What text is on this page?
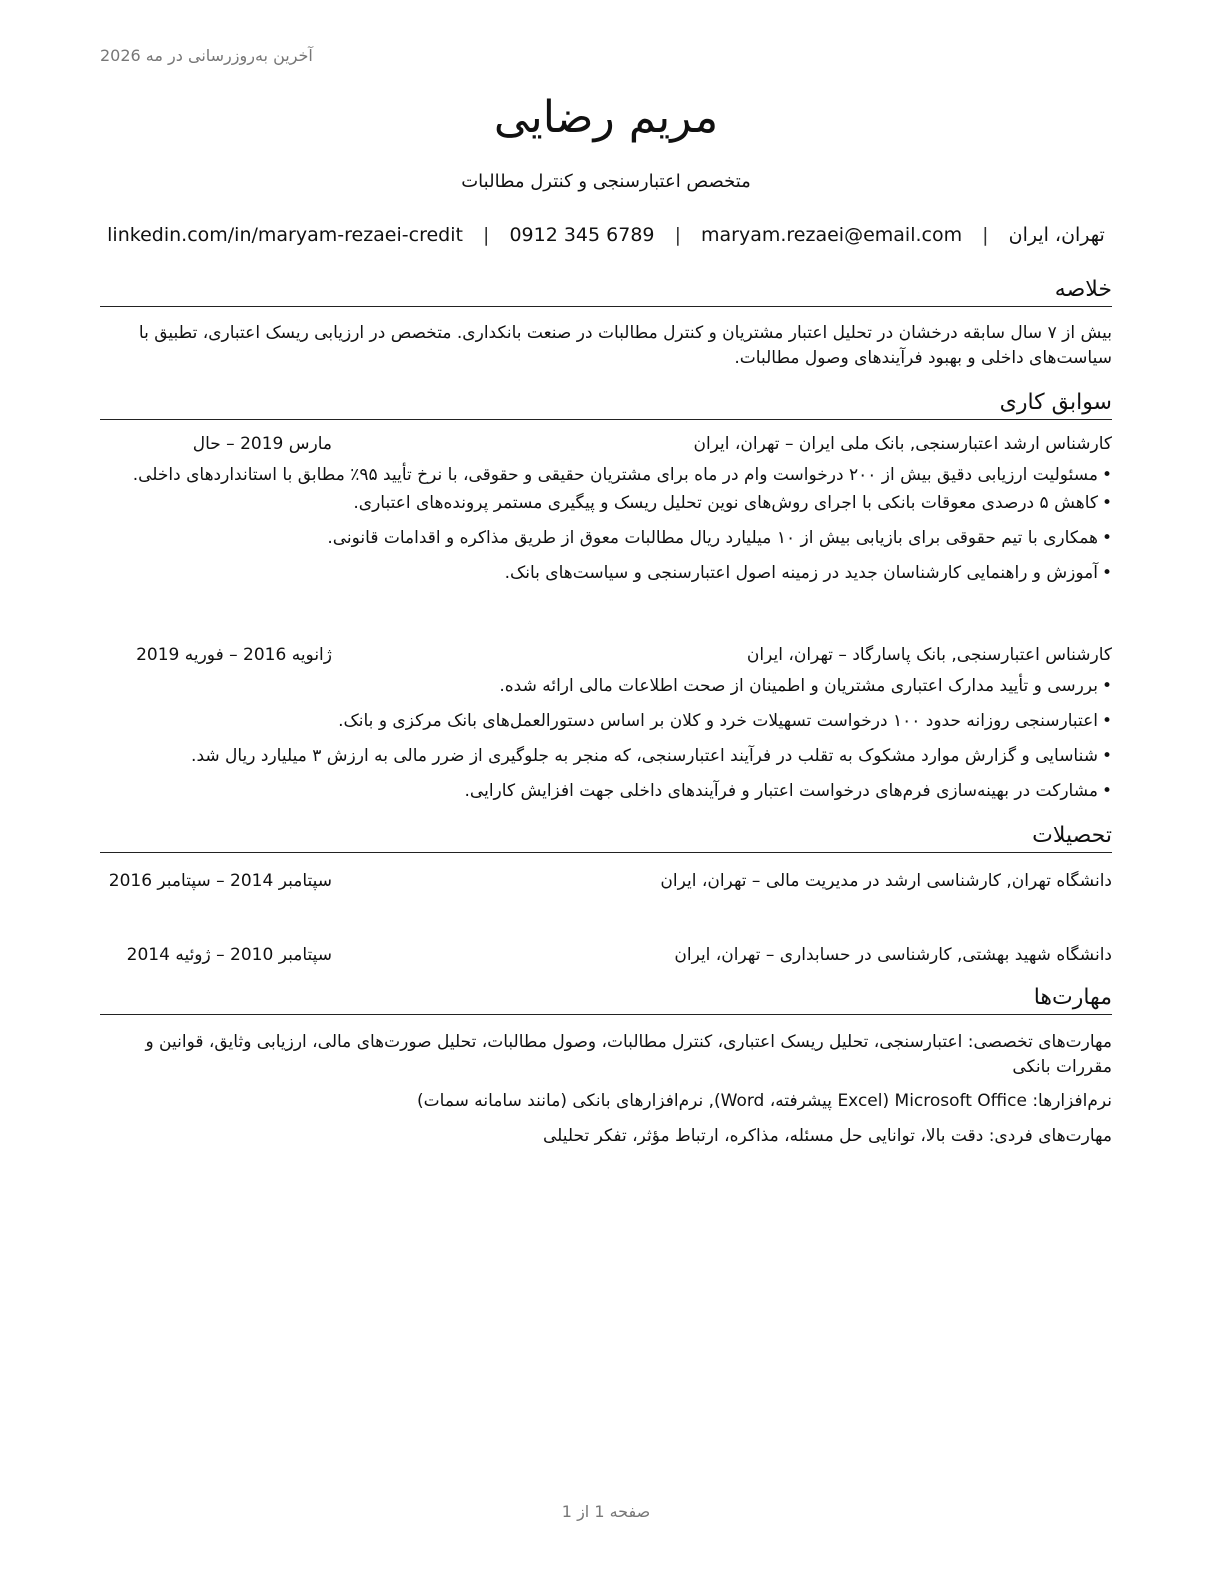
آخرین به‌روزرسانی در مه 2026
مریم رضایی
متخصص اعتبارسنجی و کنترل مطالبات
تهران، ایران | maryam.rezaei@email.com | 0912 345 6789 | linkedin.com/in/maryam-rezaei-credit
خلاصه
بیش از ۷ سال سابقه درخشان در تحلیل اعتبار مشتریان و کنترل مطالبات در صنعت بانکداری. متخصص در ارزیابی ریسک اعتباری، تطبیق با سیاست‌های داخلی و بهبود فرآیندهای وصول مطالبات.
سوابق کاری
کارشناس ارشد اعتبارسنجی, بانک ملی ایران – تهران، ایران
مارس 2019 – حال
• مسئولیت ارزیابی دقیق بیش از ۲۰۰ درخواست وام در ماه برای مشتریان حقیقی و حقوقی، با نرخ تأیید ۹۵٪ مطابق با استانداردهای داخلی.
• کاهش ۵ درصدی معوقات بانکی با اجرای روش‌های نوین تحلیل ریسک و پیگیری مستمر پرونده‌های اعتباری.
• همکاری با تیم حقوقی برای بازیابی بیش از ۱۰ میلیارد ریال مطالبات معوق از طریق مذاکره و اقدامات قانونی.
• آموزش و راهنمایی کارشناسان جدید در زمینه اصول اعتبارسنجی و سیاست‌های بانک.
کارشناس اعتبارسنجی, بانک پاسارگاد – تهران، ایران
ژانویه 2016 – فوریه 2019
• بررسی و تأیید مدارک اعتباری مشتریان و اطمینان از صحت اطلاعات مالی ارائه شده.
• اعتبارسنجی روزانه حدود ۱۰۰ درخواست تسهیلات خرد و کلان بر اساس دستورالعمل‌های بانک مرکزی و بانک.
• شناسایی و گزارش موارد مشکوک به تقلب در فرآیند اعتبارسنجی، که منجر به جلوگیری از ضرر مالی به ارزش ۳ میلیارد ریال شد.
• مشارکت در بهینه‌سازی فرم‌های درخواست اعتبار و فرآیندهای داخلی جهت افزایش کارایی.
تحصیلات
دانشگاه تهران, کارشناسی ارشد در مدیریت مالی – تهران، ایران
سپتامبر 2014 – سپتامبر 2016
دانشگاه شهید بهشتی, کارشناسی در حسابداری – تهران، ایران
سپتامبر 2010 – ژوئیه 2014
مهارت‌ها
مهارت‌های تخصصی: اعتبارسنجی، تحلیل ریسک اعتباری، کنترل مطالبات، وصول مطالبات، تحلیل صورت‌های مالی، ارزیابی وثایق، قوانین و مقررات بانکی
نرم‌افزارها: Microsoft Office (Excel پیشرفته، Word), نرم‌افزارهای بانکی (مانند سامانه سمات)
مهارت‌های فردی: دقت بالا، توانایی حل مسئله، مذاکره، ارتباط مؤثر، تفکر تحلیلی
صفحه 1 از 1
